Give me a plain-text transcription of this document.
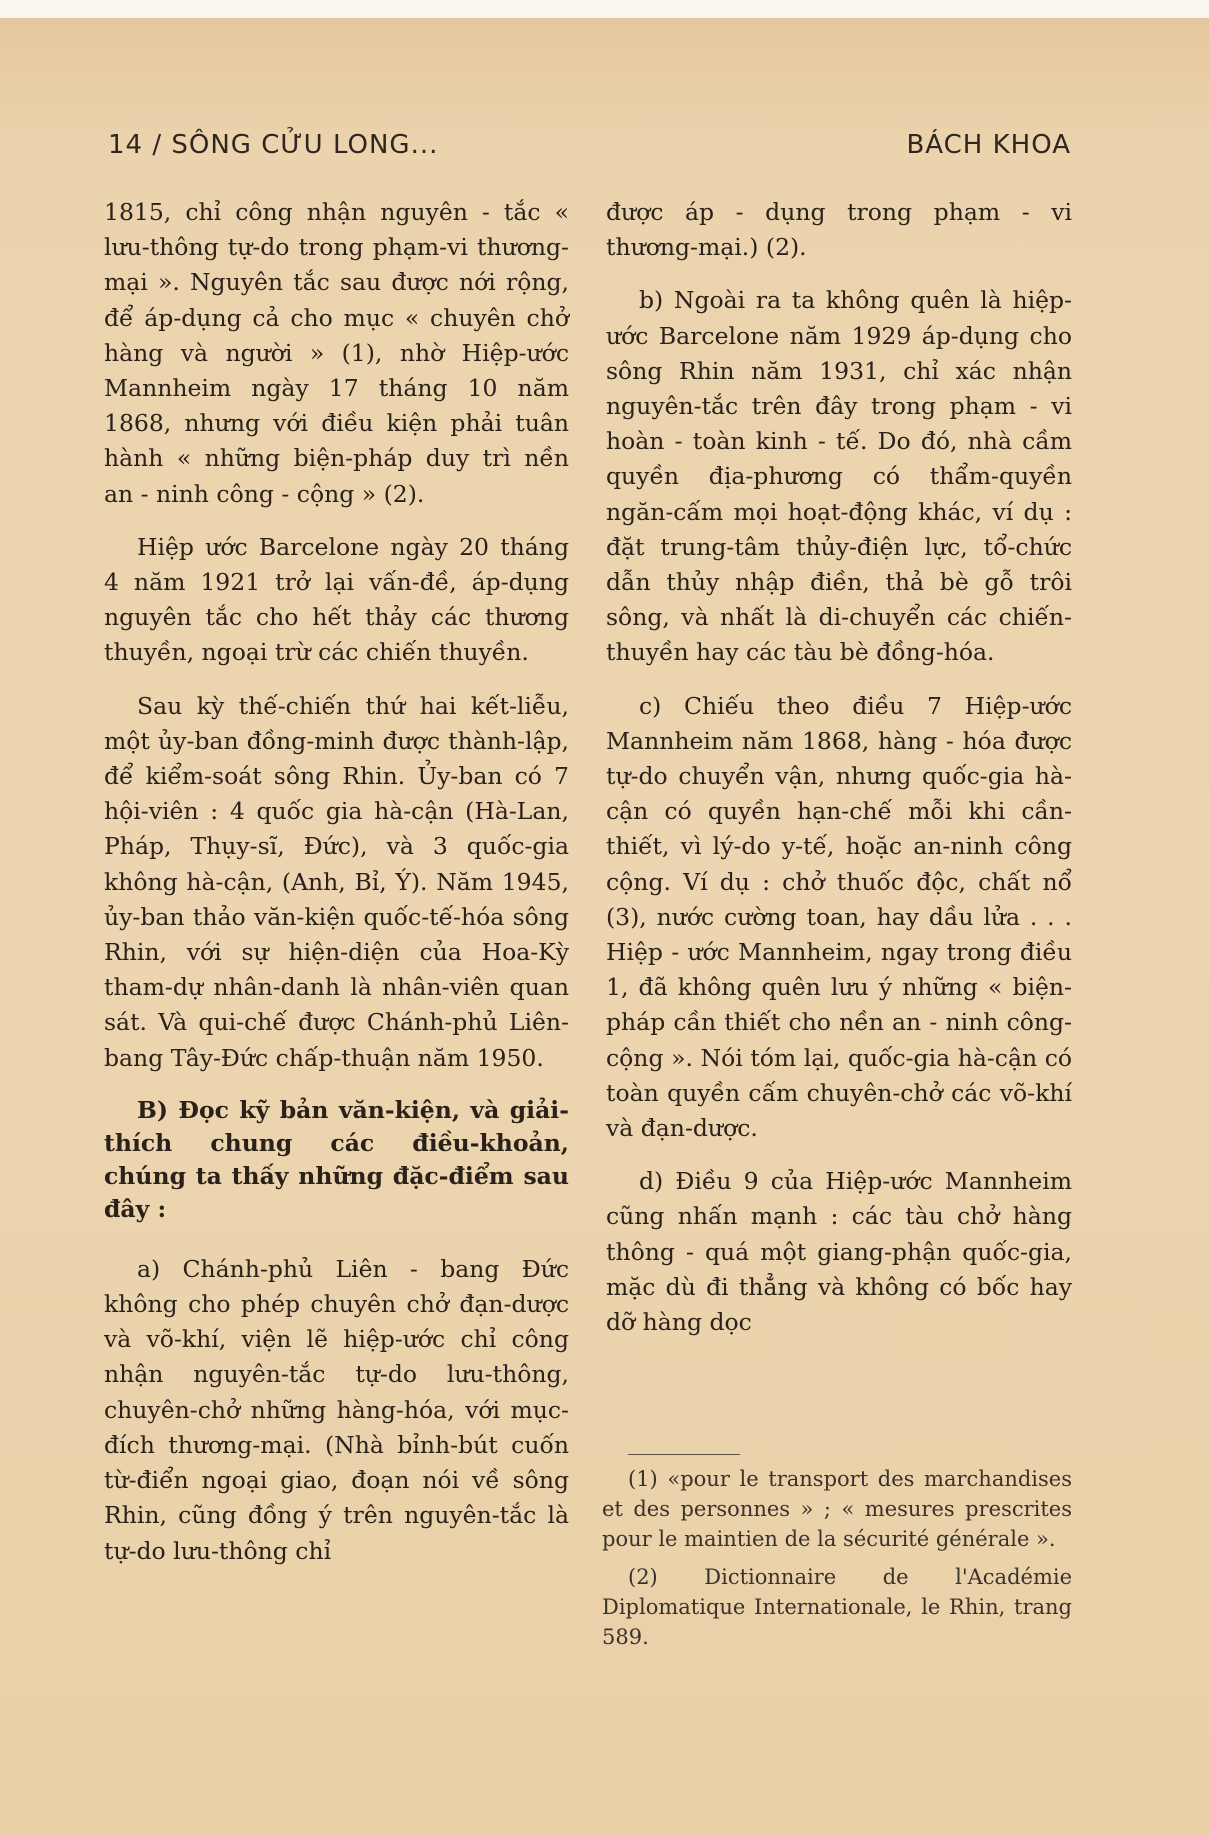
14 / SÔNG CỬU LONG...	BÁCH KHOA

1815, chỉ công nhận nguyên - tắc « lưu-thông tự-do trong phạm-vi thương-mại ». Nguyên tắc sau được nới rộng, để áp-dụng cả cho mục « chuyên chở hàng và người » (1), nhờ Hiệp-ước Mannheim ngày 17 tháng 10 năm 1868, nhưng với điều kiện phải tuân hành « những biện-pháp duy trì nền an - ninh công - cộng » (2).

Hiệp ước Barcelone ngày 20 tháng 4 năm 1921 trở lại vấn-đề, áp-dụng nguyên tắc cho hết thảy các thương thuyền, ngoại trừ các chiến thuyền.

Sau kỳ thế-chiến thứ hai kết-liễu, một ủy-ban đồng-minh được thành-lập, để kiểm-soát sông Rhin. Ủy-ban có 7 hội-viên : 4 quốc gia hà-cận (Hà-Lan, Pháp, Thụy-sĩ, Đức), và 3 quốc-gia không hà-cận, (Anh, Bỉ, Ý). Năm 1945, ủy-ban thảo văn-kiện quốc-tế-hóa sông Rhin, với sự hiện-diện của Hoa-Kỳ tham-dự nhân-danh là nhân-viên quan sát. Và qui-chế được Chánh-phủ Liên-bang Tây-Đức chấp-thuận năm 1950.

B) Đọc kỹ bản văn-kiện, và giải-thích chung các điều-khoản, chúng ta thấy những đặc-điểm sau đây :

a) Chánh-phủ Liên - bang Đức không cho phép chuyên chở đạn-dược và võ-khí, viện lẽ hiệp-ước chỉ công nhận nguyên-tắc tự-do lưu-thông, chuyên-chở những hàng-hóa, với mục-đích thương-mại. (Nhà bỉnh-bút cuốn từ-điển ngoại giao, đoạn nói về sông Rhin, cũng đồng ý trên nguyên-tắc là tự-do lưu-thông chỉ

được áp - dụng trong phạm - vi thương-mại.) (2).

b) Ngoài ra ta không quên là hiệp-ước Barcelone năm 1929 áp-dụng cho sông Rhin năm 1931, chỉ xác nhận nguyên-tắc trên đây trong phạm - vi hoàn - toàn kinh - tế. Do đó, nhà cầm quyền địa-phương có thẩm-quyền ngăn-cấm mọi hoạt-động khác, ví dụ : đặt trung-tâm thủy-điện lực, tổ-chức dẫn thủy nhập điền, thả bè gỗ trôi sông, và nhất là di-chuyển các chiến-thuyền hay các tàu bè đồng-hóa.

c) Chiếu theo điều 7 Hiệp-ước Mannheim năm 1868, hàng - hóa được tự-do chuyển vận, nhưng quốc-gia hà-cận có quyền hạn-chế mỗi khi cần-thiết, vì lý-do y-tế, hoặc an-ninh công cộng. Ví dụ : chở thuốc độc, chất nổ (3), nước cường toan, hay dầu lửa . . . Hiệp - ước Mannheim, ngay trong điều 1, đã không quên lưu ý những « biện-pháp cần thiết cho nền an - ninh công-cộng ». Nói tóm lại, quốc-gia hà-cận có toàn quyền cấm chuyên-chở các võ-khí và đạn-dược.

d) Điều 9 của Hiệp-ước Mannheim cũng nhấn mạnh : các tàu chở hàng thông - quá một giang-phận quốc-gia, mặc dù đi thẳng và không có bốc hay dỡ hàng dọc

(1) «pour le transport des marchandises et des personnes » ; « mesures prescrites pour le maintien de la sécurité générale ».

(2) Dictionnaire de l'Académie Diplomatique Internationale, le Rhin, trang 589.
